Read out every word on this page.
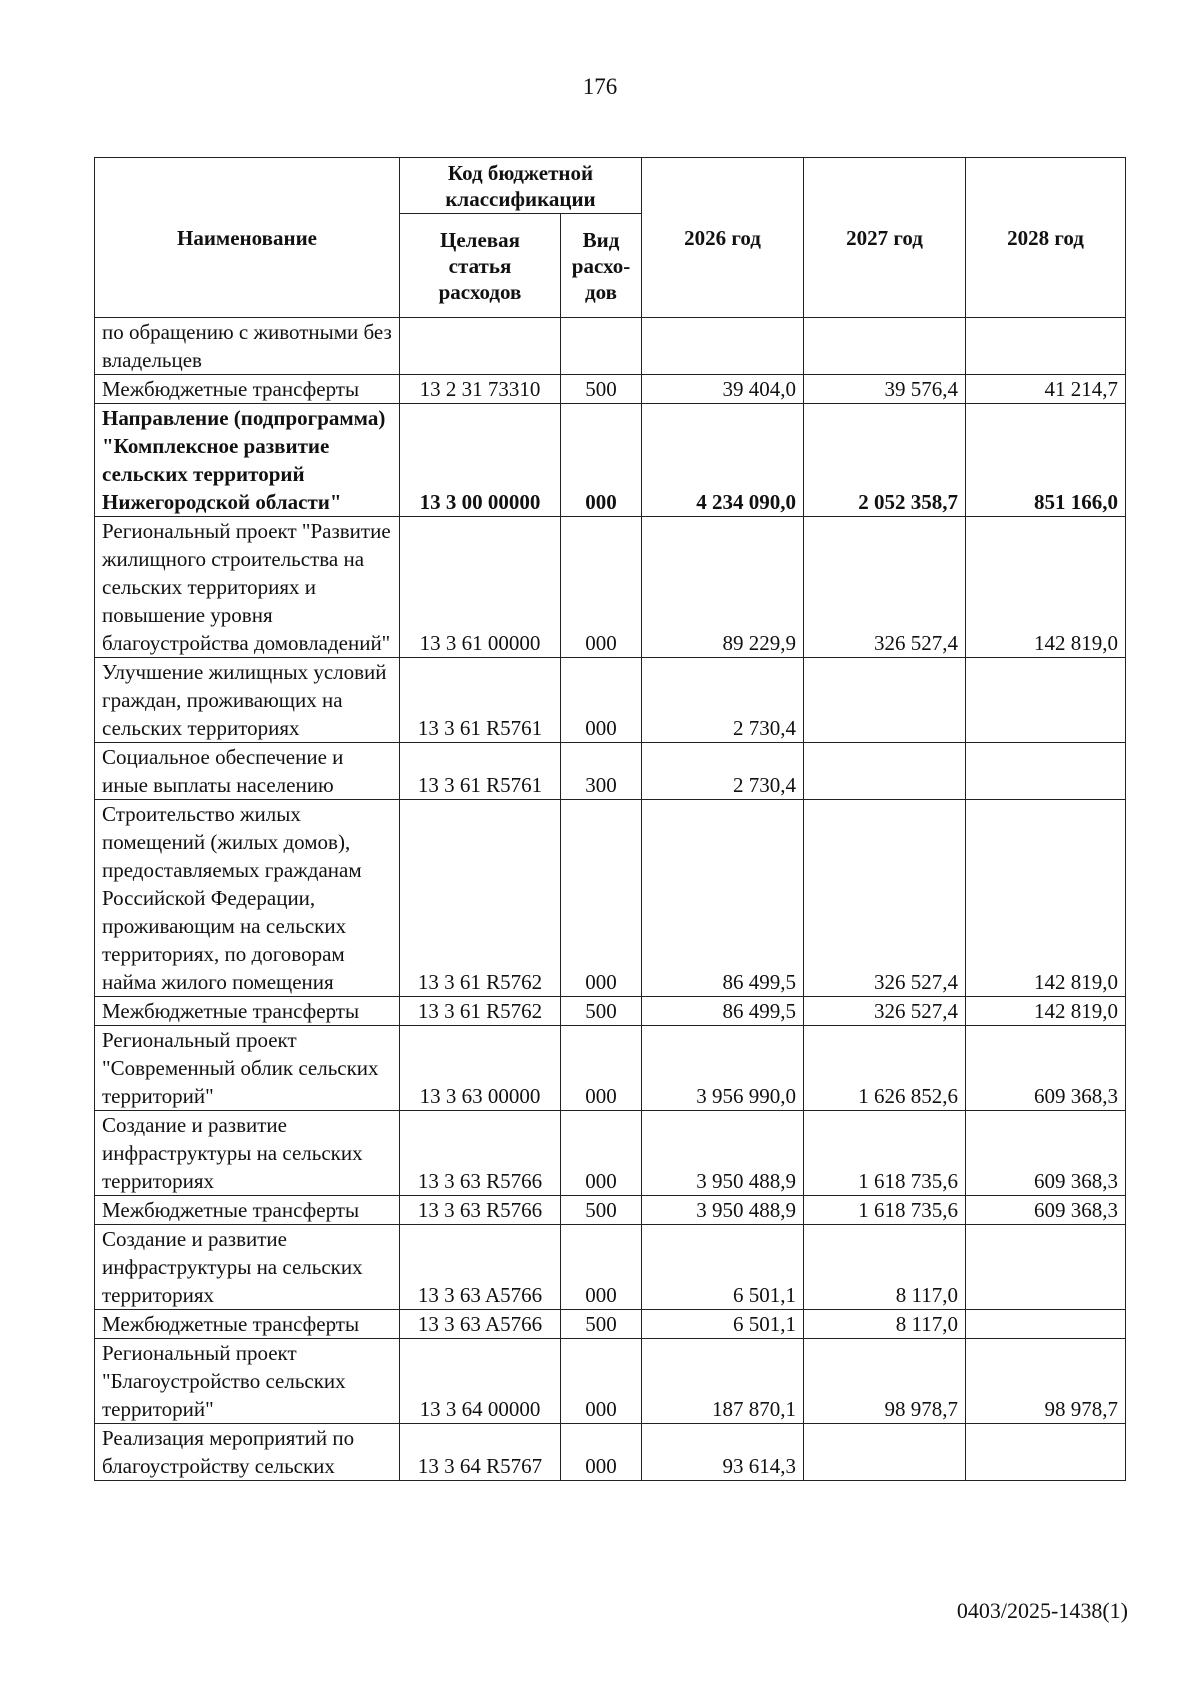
176
Наименование	Код бюджетной классификации		2026 год	2027 год	2028 год
	Целевая статья расходов	Вид расхо-дов			
по обращению с животными без владельцев					
Межбюджетные трансферты	13 2 31 73310	500	39 404,0	39 576,4	41 214,7
Направление (подпрограмма) "Комплексное развитие сельских территорий Нижегородской области"	13 3 00 00000	000	4 234 090,0	2 052 358,7	851 166,0
Региональный проект "Развитие жилищного строительства на сельских территориях и повышение уровня благоустройства домовладений"	13 3 61 00000	000	89 229,9	326 527,4	142 819,0
Улучшение жилищных условий граждан, проживающих на сельских территориях	13 3 61 R5761	000	2 730,4		
Социальное обеспечение и иные выплаты населению	13 3 61 R5761	300	2 730,4		
Строительство жилых помещений (жилых домов), предоставляемых гражданам Российской Федерации, проживающим на сельских территориях, по договорам найма жилого помещения	13 3 61 R5762	000	86 499,5	326 527,4	142 819,0
Межбюджетные трансферты	13 3 61 R5762	500	86 499,5	326 527,4	142 819,0
Региональный проект "Современный облик сельских территорий"	13 3 63 00000	000	3 956 990,0	1 626 852,6	609 368,3
Создание и развитие инфраструктуры на сельских территориях	13 3 63 R5766	000	3 950 488,9	1 618 735,6	609 368,3
Межбюджетные трансферты	13 3 63 R5766	500	3 950 488,9	1 618 735,6	609 368,3
Создание и развитие инфраструктуры на сельских территориях	13 3 63 A5766	000	6 501,1	8 117,0	
Межбюджетные трансферты	13 3 63 A5766	500	6 501,1	8 117,0	
Региональный проект "Благоустройство сельских территорий"	13 3 64 00000	000	187 870,1	98 978,7	98 978,7
Реализация мероприятий по благоустройству сельских	13 3 64 R5767	000	93 614,3		
0403/2025-1438(1)
